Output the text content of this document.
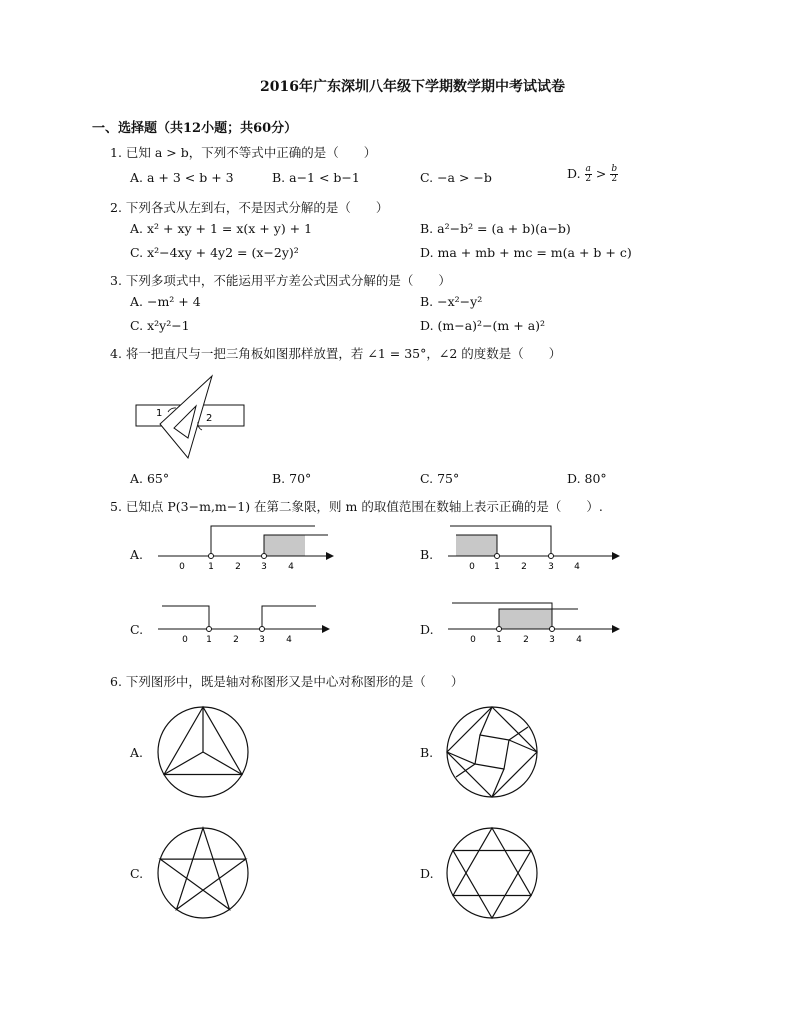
2016年广东深圳八年级下学期数学期中考试试卷
一、选择题（共12小题；共60分）
1. 已知 a > b，下列不等式中正确的是（　　）
A. a + 3 < b + 3	B. a−1 < b−1	C. −a > −b	D. $\frac{a}{2} > \frac{b}{2}$
2. 下列各式从左到右，不是因式分解的是（　　）
A. x² + xy + 1 = x(x + y) + 1	B. a²−b² = (a + b)(a−b)
C. x²−4xy + 4y2 = (x−2y)²	D. ma + mb + mc = m(a + b + c)
3. 下列多项式中，不能运用平方差公式因式分解的是（　　）
A. −m² + 4	B. −x²−y²
C. x²y²−1	D. (m−a)²−(m + a)²
4. 将一把直尺与一把三角板如图那样放置，若 ∠1 = 35°，∠2 的度数是（　　）
1	2
A. 65°	B. 70°	C. 75°	D. 80°
5. 已知点 P(3−m,m−1) 在第二象限，则 m 的取值范围在数轴上表示正确的是（　　）.
A.
0	1 2 3 4
B.
0 1 2 3 4
C.
0 1 2 3 4
D.
0 1 2 3 4
6. 下列图形中，既是轴对称图形又是中心对称图形的是（　　）
A.	B.
C.	D.
